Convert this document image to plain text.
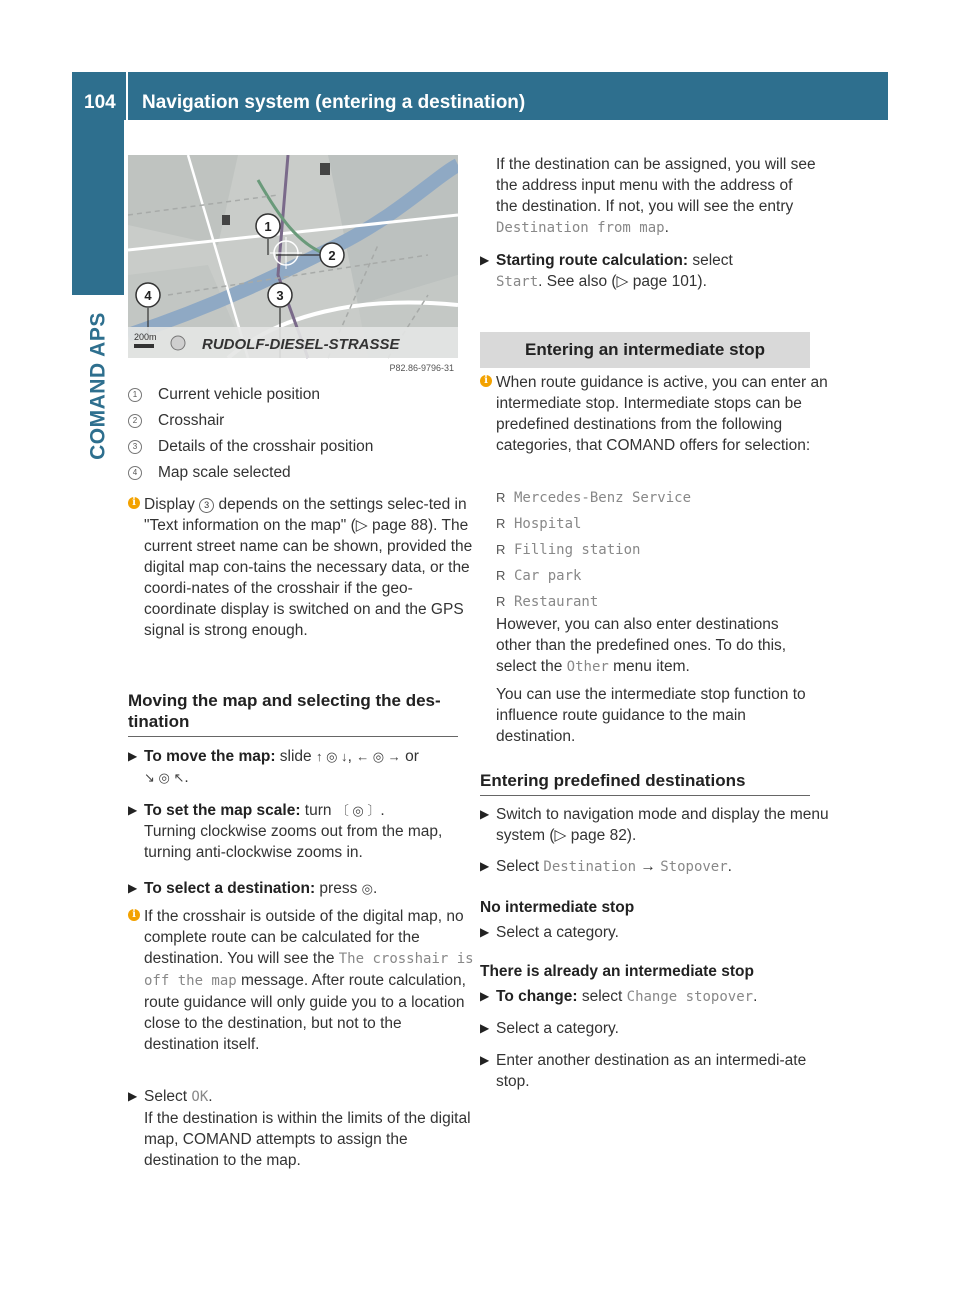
104 Navigation system (entering a destination)
COMAND APS
1
2
3
4
200m	RUDOLF-DIESEL-STRASSE
P82.86-9796-31
1	Current vehicle position
2	Crosshair
3	Details of the crosshair position
4	Map scale selected
i Display 3 depends on the settings selec-ted in "Text information on the map" (▷ page 88). The current street name can be shown, provided the digital map con-tains the necessary data, or the coordi-nates of the crosshair if the geo-coordinate display is switched on and the GPS signal is strong enough.
Moving the map and selecting the des-tination
▶ To move the map: slide ↑ ◎ ↓, ← ◎ → or
↘ ◎ ↖.
▶ To set the map scale: turn 〔 ◎ 〕.
Turning clockwise zooms out from the map, turning anti-clockwise zooms in.
▶ To select a destination: press ◎.
i If the crosshair is outside of the digital map, no complete route can be calculated for the destination. You will see the The crosshair is off the map message. After route calculation, route guidance will only guide you to a location close to the destination, but not to the destination itself.
▶ Select OK.
If the destination is within the limits of the digital map, COMAND attempts to assign the destination to the map.
If the destination can be assigned, you will see the address input menu with the address of the destination. If not, you will see the entry Destination from map.
▶ Starting route calculation: select
Start. See also (▷ page 101).
Entering an intermediate stop
i When route guidance is active, you can enter an intermediate stop. Intermediate stops can be predefined destinations from the following categories, that COMAND offers for selection:
R Mercedes-Benz Service
R Hospital
R Filling station
R Car park
R Restaurant
However, you can also enter destinations other than the predefined ones. To do this, select the Other menu item.
You can use the intermediate stop function to influence route guidance to the main destination.
Entering predefined destinations
▶ Switch to navigation mode and display the menu system (▷ page 82).
▶ Select Destination → Stopover.
No intermediate stop
▶ Select a category.
There is already an intermediate stop
▶ To change: select Change stopover.
▶ Select a category.
▶ Enter another destination as an intermedi-ate stop.
